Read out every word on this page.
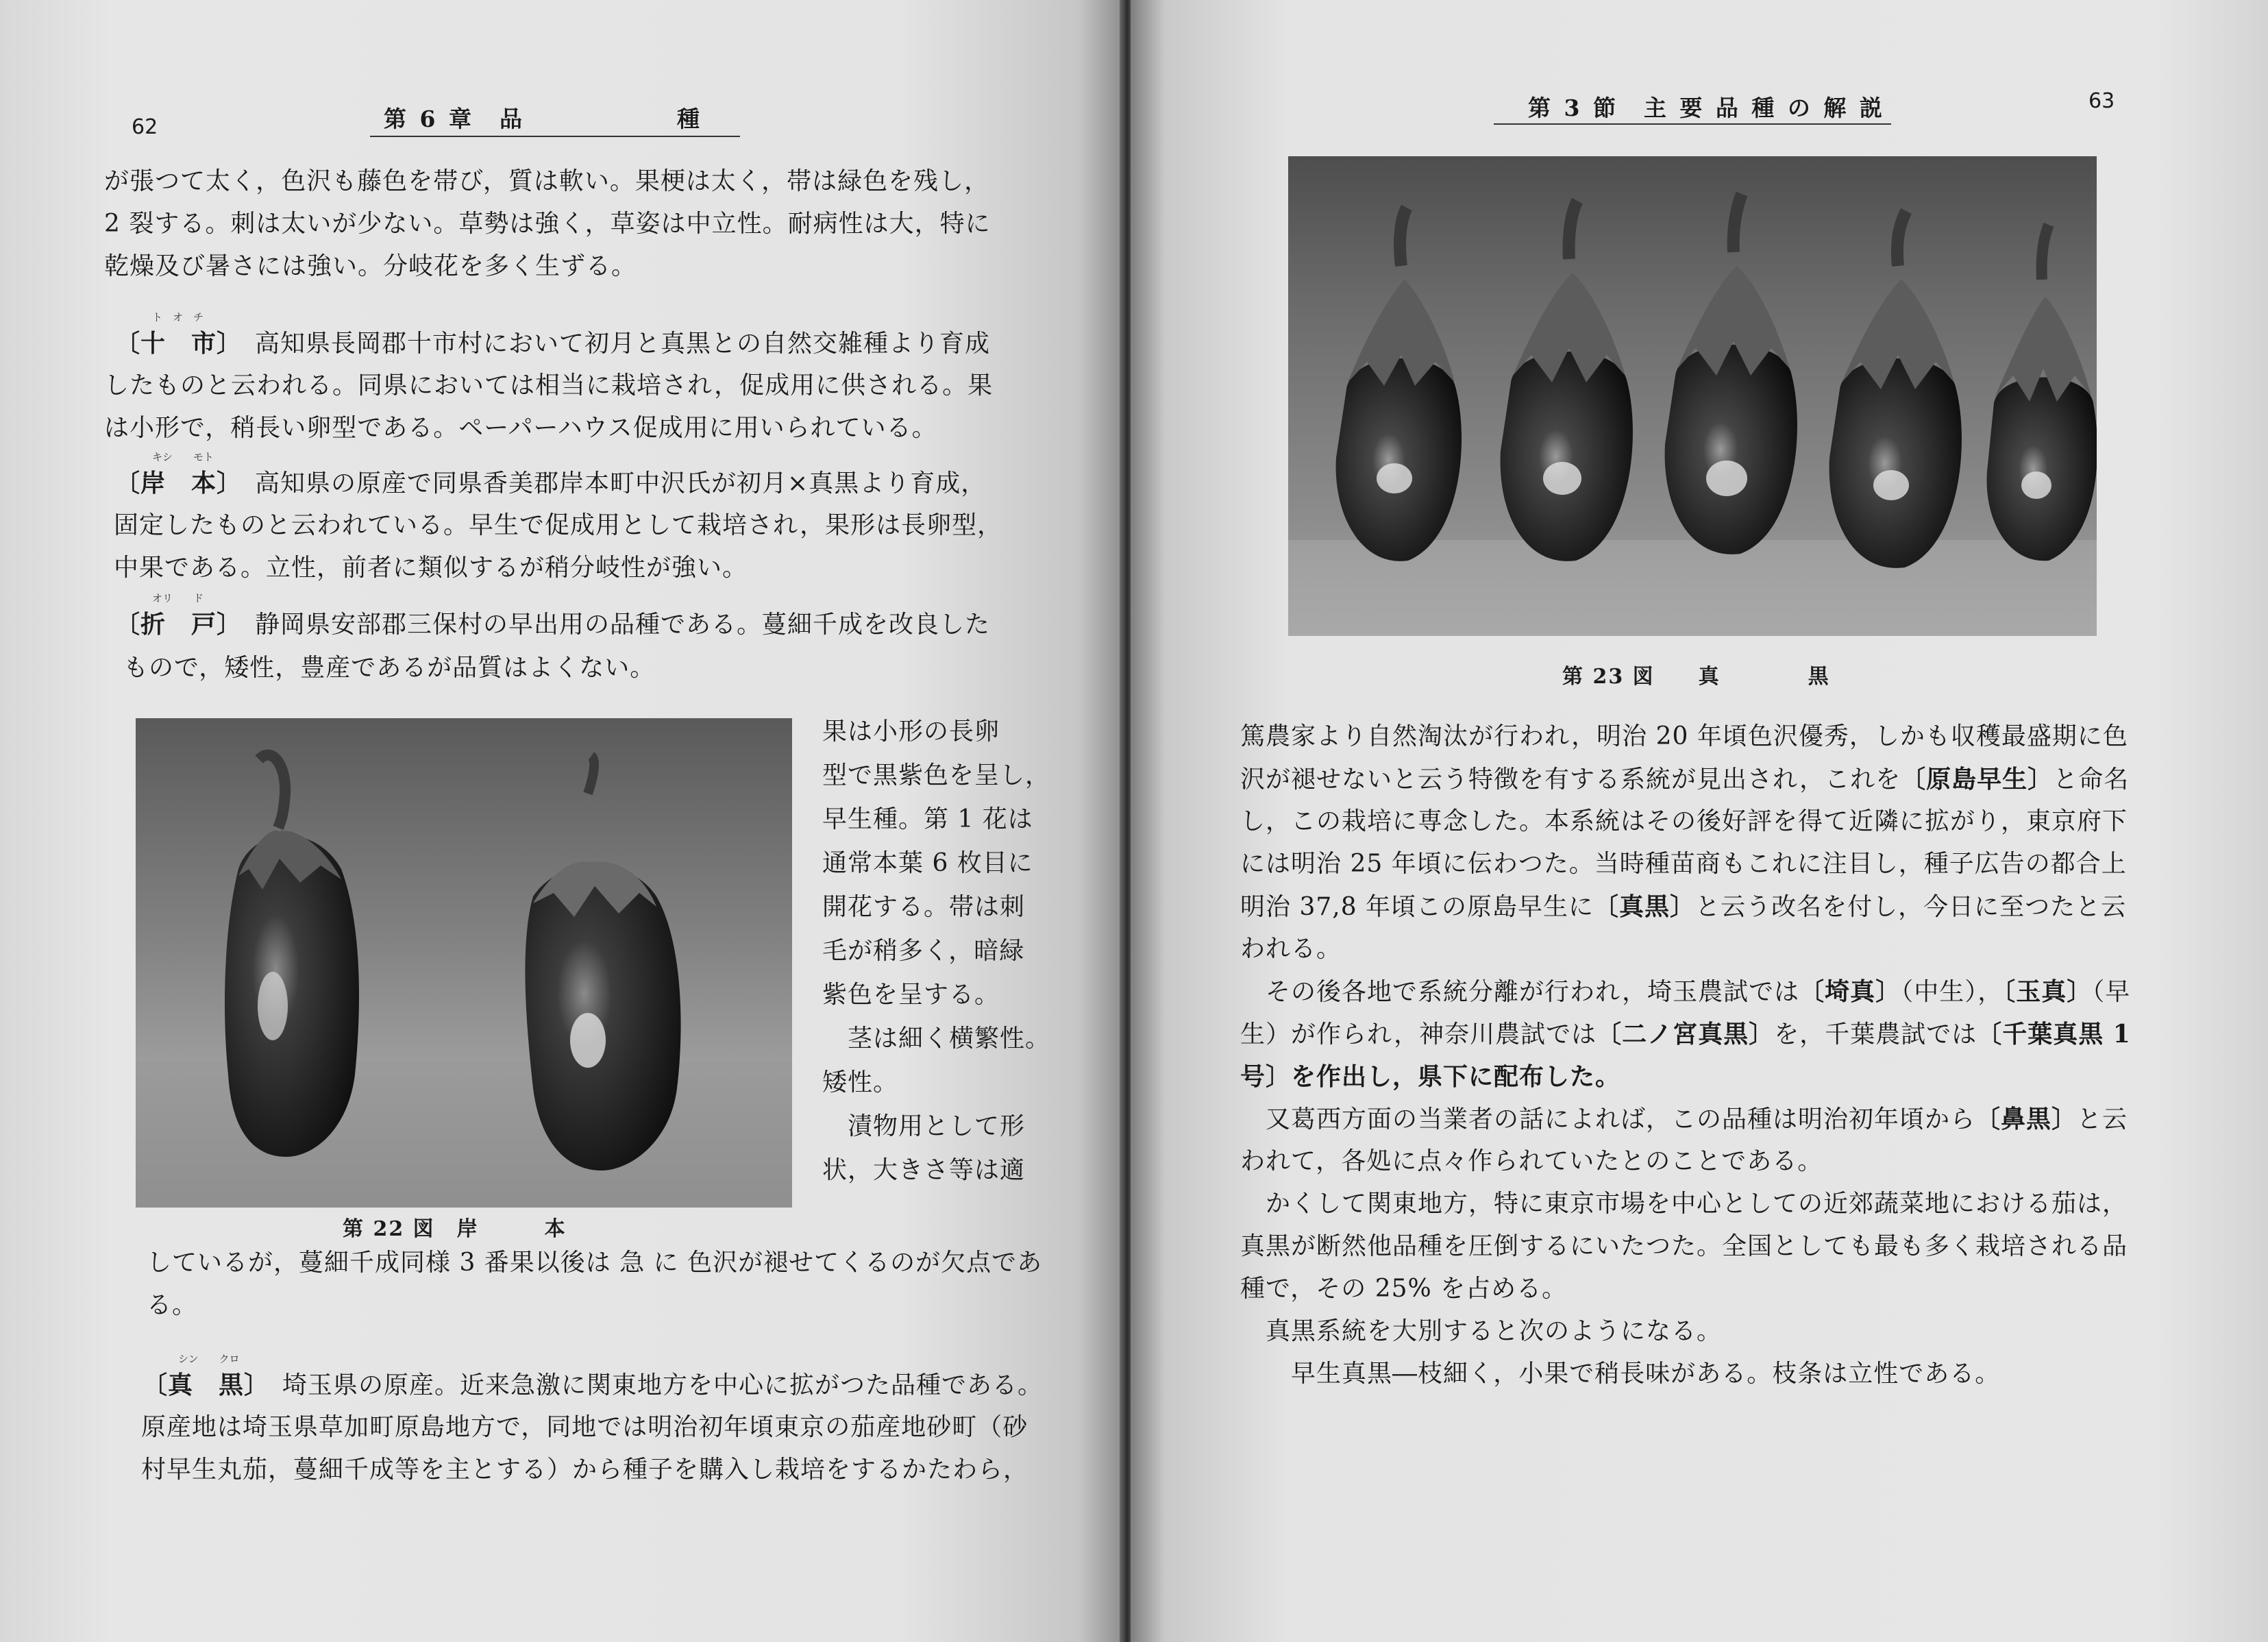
62	第 6 章　品　　　　　　種
が張つて太く，色沢も藤色を帯び，質は軟い。果梗は太く，帯は緑色を残し，
2 裂する。刺は太いが少ない。草勢は強く，草姿は中立性。耐病性は大，特に
乾燥及び暑さには強い。分岐花を多く生ずる。
ト　オ　チ
〔十　市〕　 高知県長岡郡十市村において初月と真黒との自然交雑種より育成
したものと云われる。同県においては相当に栽培され，促成用に供される。果
は小形で，稍長い卵型である。ペーパーハウス促成用に用いられている。
キシ　　モト
〔岸　本〕　 高知県の原産で同県香美郡岸本町中沢氏が初月×真黒より育成，
固定したものと云われている。早生で促成用として栽培され，果形は長卵型，
中果である。立性，前者に類似するが稍分岐性が強い。
オリ　　ド
〔折　戸〕　 静岡県安部郡三保村の早出用の品種である。蔓細千成を改良した
もので，矮性，豊産であるが品質はよくない。
第 22 図　岸　　　本
果は小形の長卵
型で黒紫色を呈し，
早生種。第 1 花は
通常本葉 6 枚目に
開花する。帯は刺
毛が稍多く，暗緑
紫色を呈する。
　茎は細く横繁性。
矮性。
　漬物用として形
状，大きさ等は適
しているが，蔓細千成同様 3 番果以後は 急 に 色沢が褪せてくるのが欠点であ
る。
シン　　クロ
〔真　黒〕　 埼玉県の原産。近来急激に関東地方を中心に拡がつた品種である。
原産地は埼玉県草加町原島地方で，同地では明治初年頃東京の茄産地砂町（砂
村早生丸茄，蔓細千成等を主とする）から種子を購入し栽培をするかたわら，
第 3 節　主 要 品 種 の 解 説	63
第 23 図　　真　　　　黒
篤農家より自然淘汰が行われ，明治 20 年頃色沢優秀，しかも収穫最盛期に色
沢が褪せないと云う特徴を有する系統が見出され，これを〔原島早生〕と命名
し，この栽培に専念した。本系統はその後好評を得て近隣に拡がり，東京府下
には明治 25 年頃に伝わつた。当時種苗商もこれに注目し，種子広告の都合上
明治 37,8 年頃この原島早生に〔真黒〕と云う改名を付し，今日に至つたと云
われる。
　その後各地で系統分離が行われ，埼玉農試では〔埼真〕（中生），〔玉真〕（早
生）が作られ，神奈川農試では〔二ノ宮真黒〕を，千葉農試では〔千葉真黒 1
号〕を作出し，県下に配布した。
　又葛西方面の当業者の話によれば，この品種は明治初年頃から〔鼻黒〕と云
われて，各処に点々作られていたとのことである。
　かくして関東地方，特に東京市場を中心としての近郊蔬菜地における茄は，
真黒が断然他品種を圧倒するにいたつた。全国としても最も多く栽培される品
種で，その 25% を占める。
　真黒系統を大別すると次のようになる。
　　早生真黒―枝細く，小果で稍長味がある。枝条は立性である。
